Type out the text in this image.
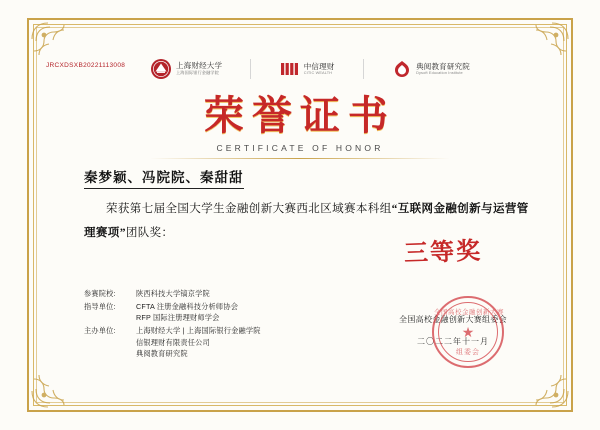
JRCXDSXB20221113008	上海财经大学
上海国际银行金融学院
中信理财
CITIC WEALTH
典阅教育研究院
Dysoft Education Institute
荣誉证书
CERTIFICATE OF HONOR
秦梦颖、冯院院、秦甜甜
荣获第七届全国大学生金融创新大赛西北区域赛本科组“互联网金融创新与运营管理赛项”团队奖：
三等奖
参赛院校:	陕西科技大学镐京学院
指导单位:	CFTA 注册金融科技分析师协会
RFP 国际注册理财师学会
主办单位:	上海财经大学 | 上海国际银行金融学院
信银理财有限责任公司
典阅教育研究院
全国高校金融创新大赛组委会
二〇二二年十一月
全国高校金融创新大赛
★
组委会
